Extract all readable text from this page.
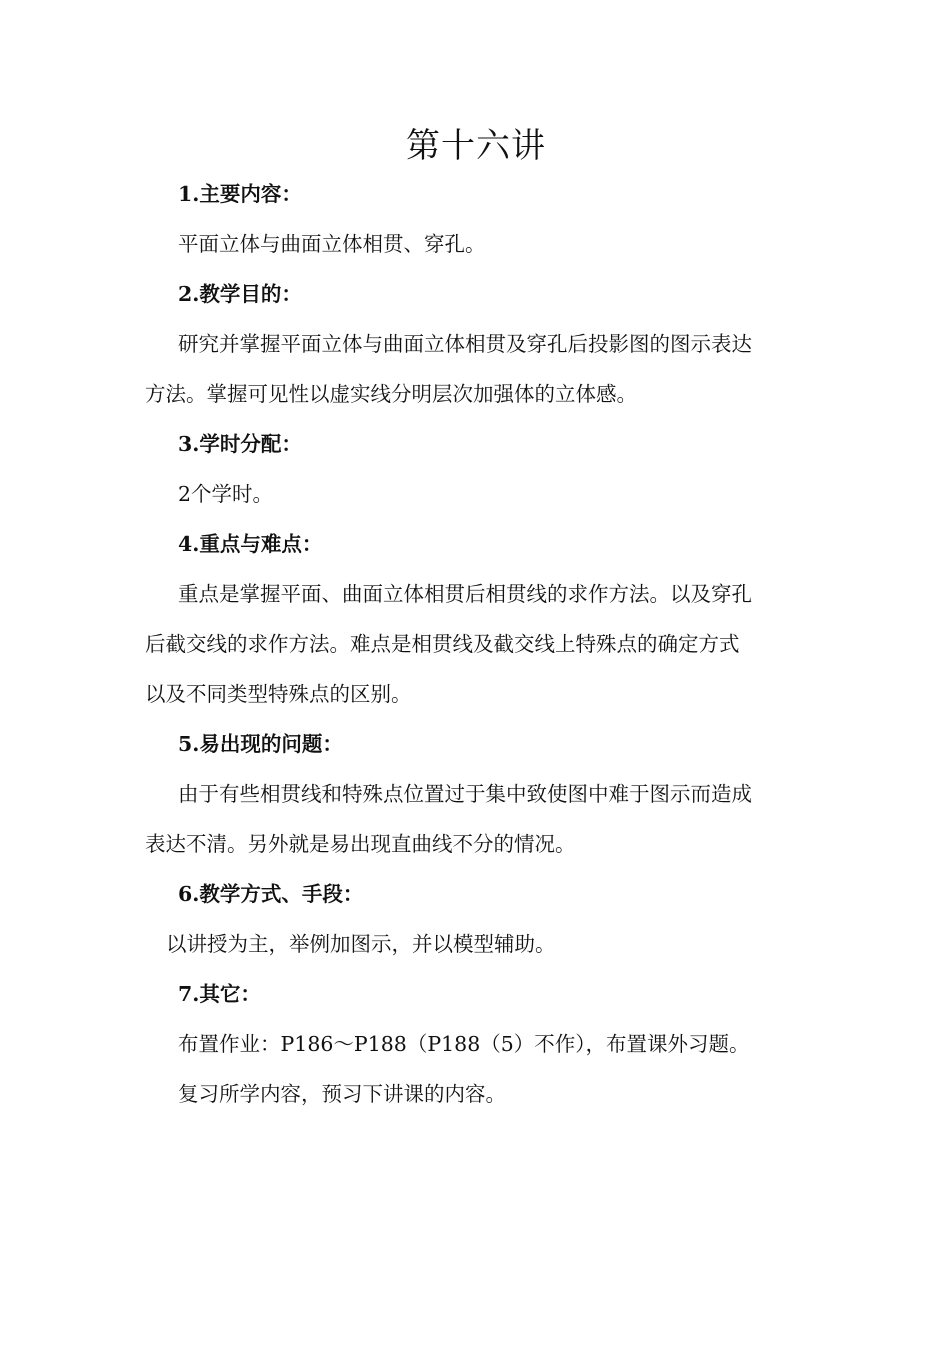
第十六讲
1.主要内容：
平面立体与曲面立体相贯、穿孔。
2.教学目的：
研究并掌握平面立体与曲面立体相贯及穿孔后投影图的图示表达
方法。掌握可见性以虚实线分明层次加强体的立体感。
3.学时分配：
2个学时。
4.重点与难点：
重点是掌握平面、曲面立体相贯后相贯线的求作方法。以及穿孔
后截交线的求作方法。难点是相贯线及截交线上特殊点的确定方式
以及不同类型特殊点的区别。
5.易出现的问题：
由于有些相贯线和特殊点位置过于集中致使图中难于图示而造成
表达不清。另外就是易出现直曲线不分的情况。
6.教学方式、手段：
以讲授为主，举例加图示，并以模型辅助。
7.其它：
布置作业：P186～P188（P188（5）不作），布置课外习题。
复习所学内容，预习下讲课的内容。
